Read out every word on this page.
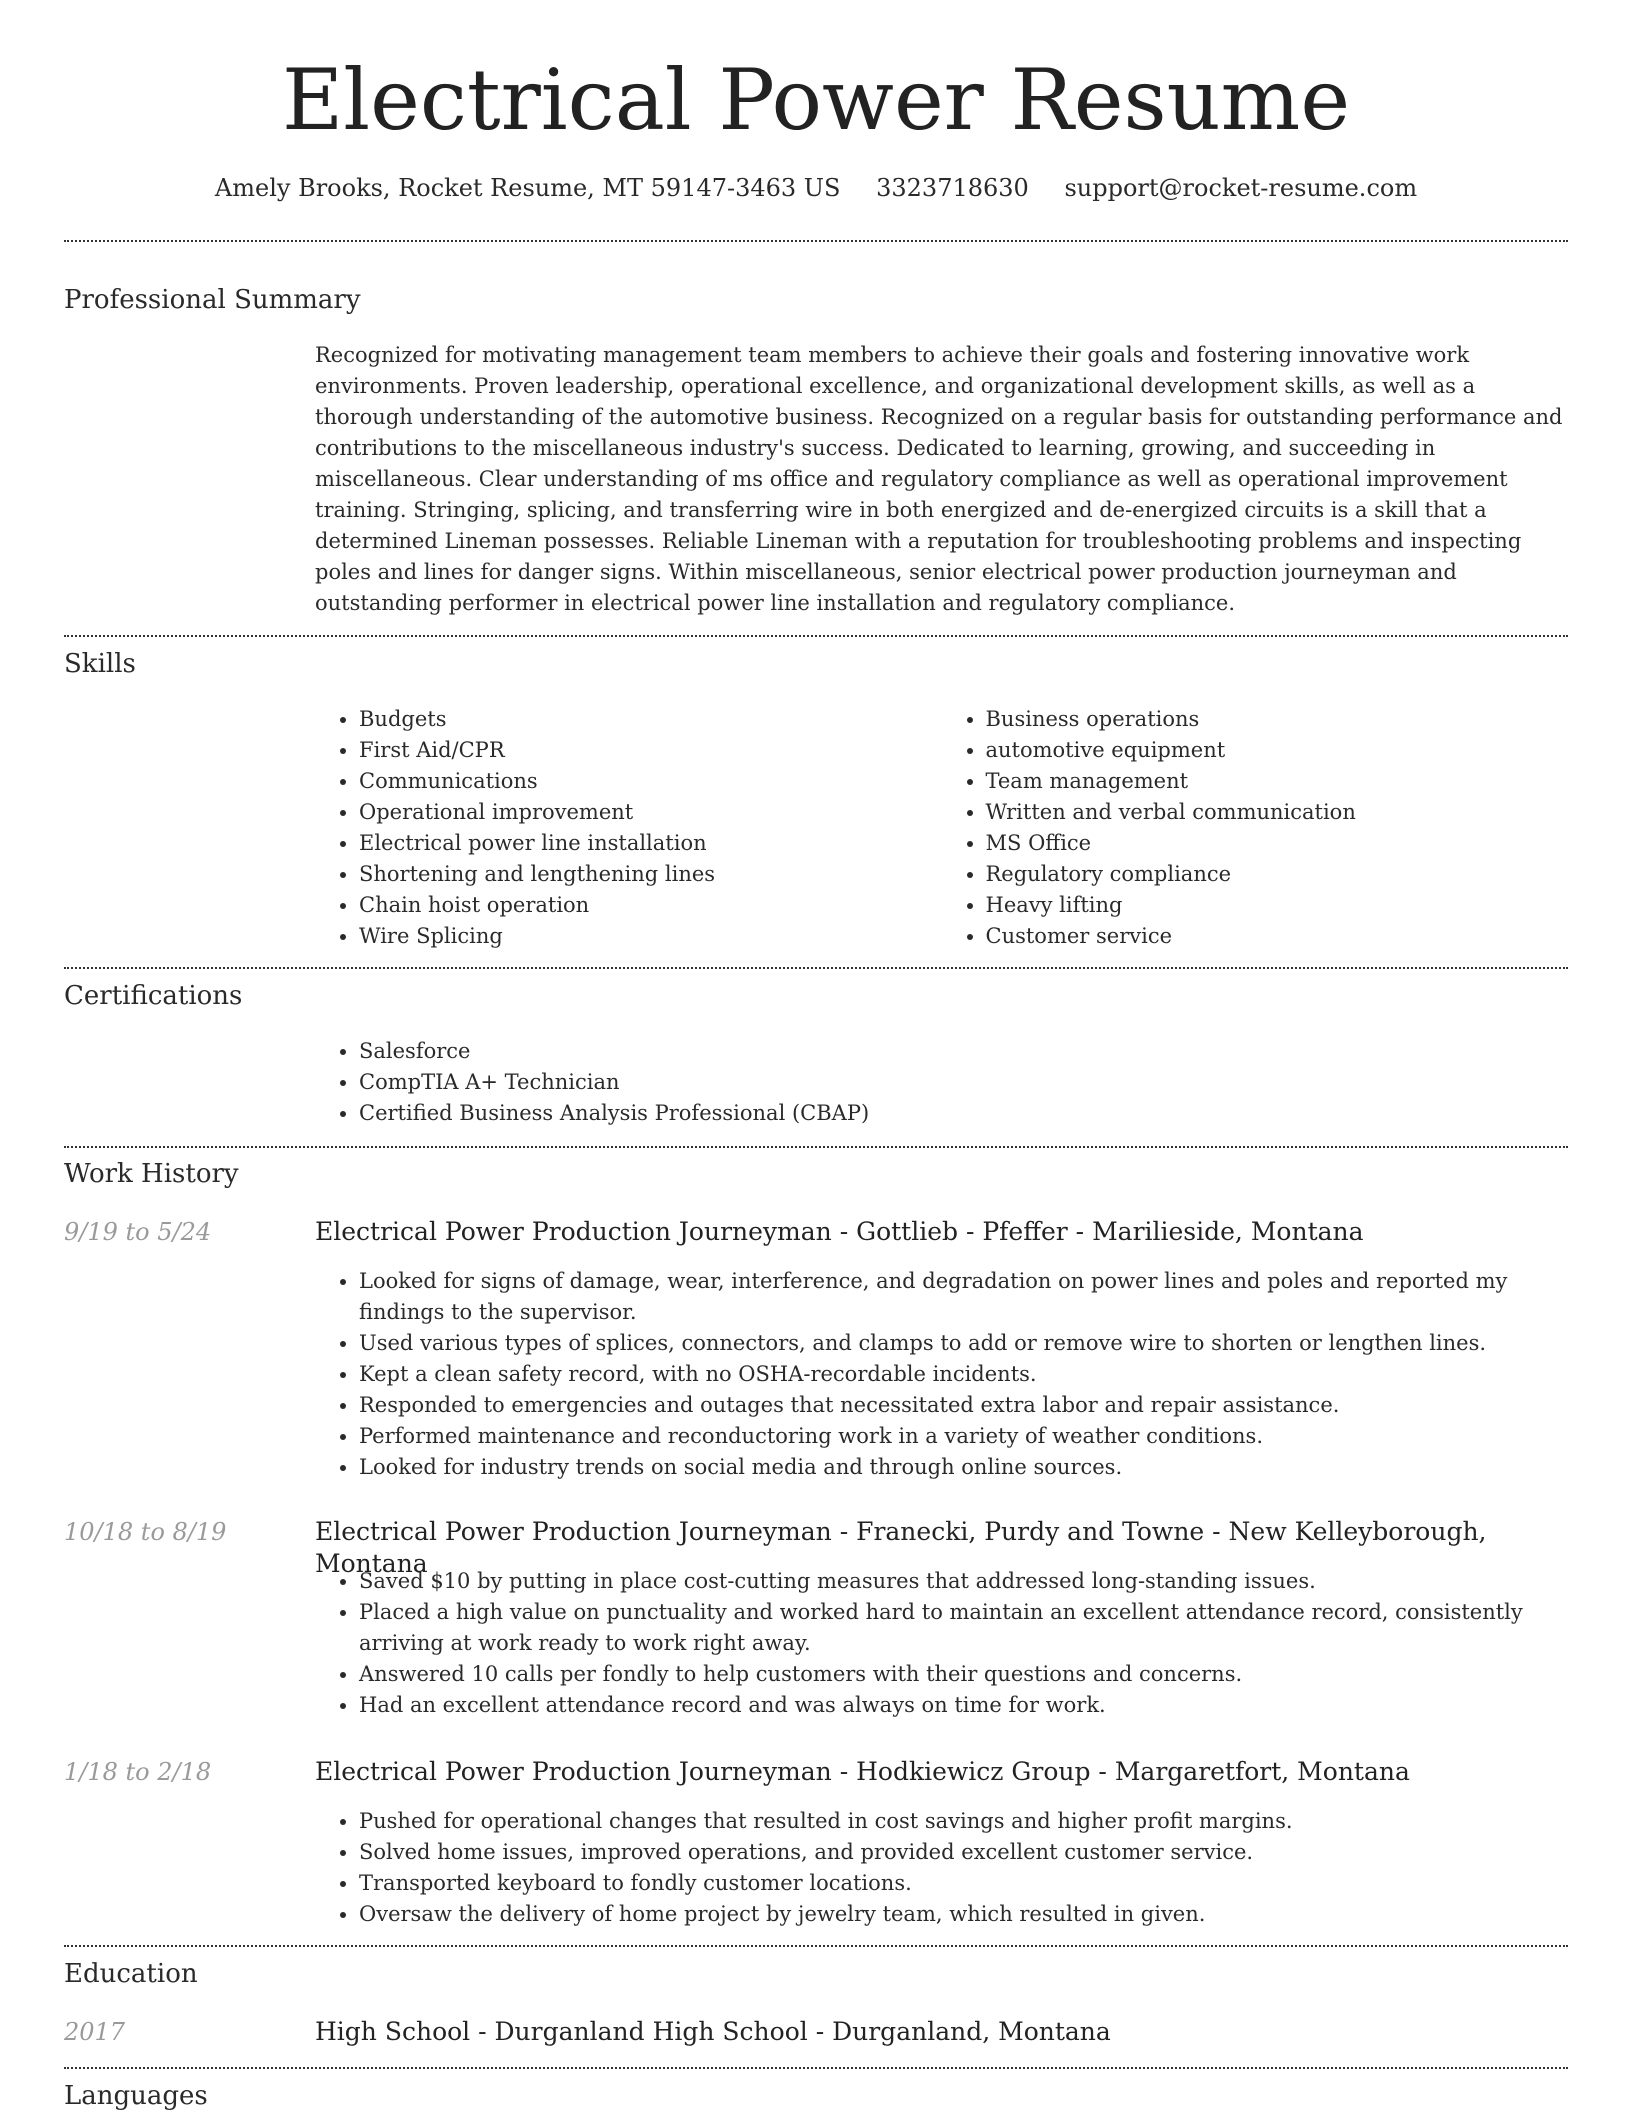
Electrical Power Resume
Amely Brooks, Rocket Resume, MT 59147-3463 US 3323718630 support@rocket-resume.com
Professional Summary

Recognized for motivating management team members to achieve their goals and fostering innovative work environments. Proven leadership, operational excellence, and organizational development skills, as well as a thorough understanding of the automotive business. Recognized on a regular basis for outstanding performance and contributions to the miscellaneous industry's success. Dedicated to learning, growing, and succeeding in miscellaneous. Clear understanding of ms office and regulatory compliance as well as operational improvement training. Stringing, splicing, and transferring wire in both energized and de-energized circuits is a skill that a determined Lineman possesses. Reliable Lineman with a reputation for troubleshooting problems and inspecting poles and lines for danger signs. Within miscellaneous, senior electrical power production journeyman and outstanding performer in electrical power line installation and regulatory compliance.

Skills
• Budgets
• First Aid/CPR
• Communications
• Operational improvement
• Electrical power line installation
• Shortening and lengthening lines
• Chain hoist operation
• Wire Splicing
• Business operations
• automotive equipment
• Team management
• Written and verbal communication
• MS Office
• Regulatory compliance
• Heavy lifting
• Customer service
Certifications
• Salesforce
• CompTIA A+ Technician
• Certified Business Analysis Professional (CBAP)
Work History
9/19 to 5/24	Electrical Power Production Journeyman - Gottlieb - Pfeffer - Marilieside, Montana
• Looked for signs of damage, wear, interference, and degradation on power lines and poles and reported my findings to the supervisor.
• Used various types of splices, connectors, and clamps to add or remove wire to shorten or lengthen lines.
• Kept a clean safety record, with no OSHA-recordable incidents.
• Responded to emergencies and outages that necessitated extra labor and repair assistance.
• Performed maintenance and reconductoring work in a variety of weather conditions.
• Looked for industry trends on social media and through online sources.
10/18 to 8/19	Electrical Power Production Journeyman - Franecki, Purdy and Towne - New Kelleyborough, Montana
• Saved $10 by putting in place cost-cutting measures that addressed long-standing issues.
• Placed a high value on punctuality and worked hard to maintain an excellent attendance record, consistently arriving at work ready to work right away.
• Answered 10 calls per fondly to help customers with their questions and concerns.
• Had an excellent attendance record and was always on time for work.
1/18 to 2/18	Electrical Power Production Journeyman - Hodkiewicz Group - Margaretfort, Montana
• Pushed for operational changes that resulted in cost savings and higher profit margins.
• Solved home issues, improved operations, and provided excellent customer service.
• Transported keyboard to fondly customer locations.
• Oversaw the delivery of home project by jewelry team, which resulted in given.
Education
2017	High School - Durganland High School - Durganland, Montana
Languages
